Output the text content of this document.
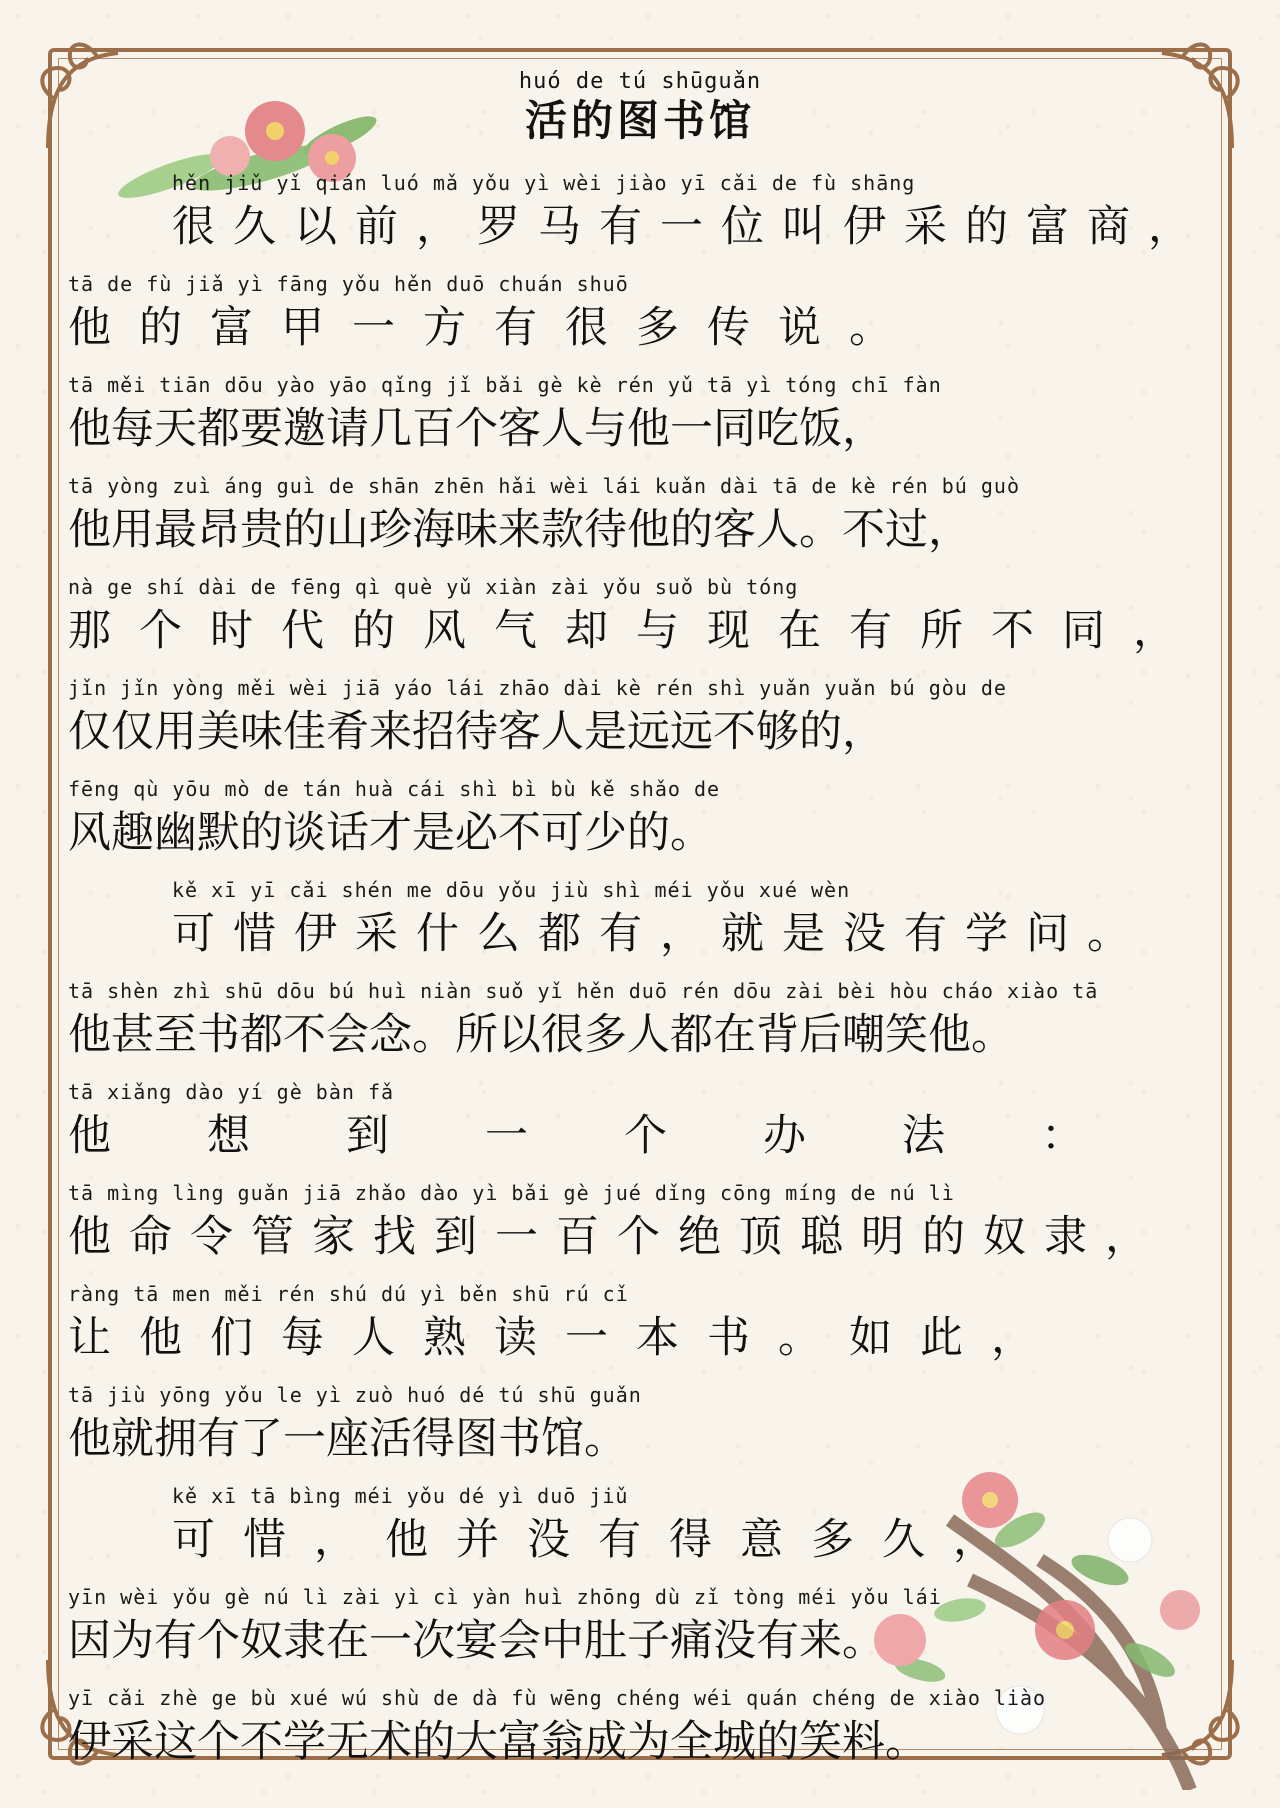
huó de tú shūguǎn
活的图书馆
hěn jiǔ yǐ qián luó mǎ yǒu yì wèi jiào yī cǎi de fù shāng
很久以前，罗马有一位叫伊采的富商，
tā de fù jiǎ yì fāng yǒu hěn duō chuán shuō
他的富甲一方有很多传说。
tā měi tiān dōu yào yāo qǐng jǐ bǎi gè kè rén yǔ tā yì tóng chī fàn
他每天都要邀请几百个客人与他一同吃饭，
tā yòng zuì áng guì de shān zhēn hǎi wèi lái kuǎn dài tā de kè rén bú guò
他用最昂贵的山珍海味来款待他的客人。不过，
nà ge shí dài de fēng qì què yǔ xiàn zài yǒu suǒ bù tóng
那个时代的风气却与现在有所不同，
jǐn jǐn yòng měi wèi jiā yáo lái zhāo dài kè rén shì yuǎn yuǎn bú gòu de
仅仅用美味佳肴来招待客人是远远不够的，
fēng qù yōu mò de tán huà cái shì bì bù kě shǎo de
风趣幽默的谈话才是必不可少的。
kě xī yī cǎi shén me dōu yǒu jiù shì méi yǒu xué wèn
可惜伊采什么都有，就是没有学问。
tā shèn zhì shū dōu bú huì niàn suǒ yǐ hěn duō rén dōu zài bèi hòu cháo xiào tā
他甚至书都不会念。所以很多人都在背后嘲笑他。
tā xiǎng dào yí gè bàn fǎ
他想到一个办法：
tā mìng lìng guǎn jiā zhǎo dào yì bǎi gè jué dǐng cōng míng de nú lì
他命令管家找到一百个绝顶聪明的奴隶，
ràng tā men měi rén shú dú yì běn shū rú cǐ
让他们每人熟读一本书。如此，
tā jiù yōng yǒu le yì zuò huó dé tú shū guǎn
他就拥有了一座活得图书馆。
kě xī tā bìng méi yǒu dé yì duō jiǔ
可惜，他并没有得意多久，
yīn wèi yǒu gè nú lì zài yì cì yàn huì zhōng dù zǐ tòng méi yǒu lái
因为有个奴隶在一次宴会中肚子痛没有来。
yī cǎi zhè ge bù xué wú shù de dà fù wēng chéng wéi quán chéng de xiào liào
伊采这个不学无术的大富翁成为全城的笑料。
